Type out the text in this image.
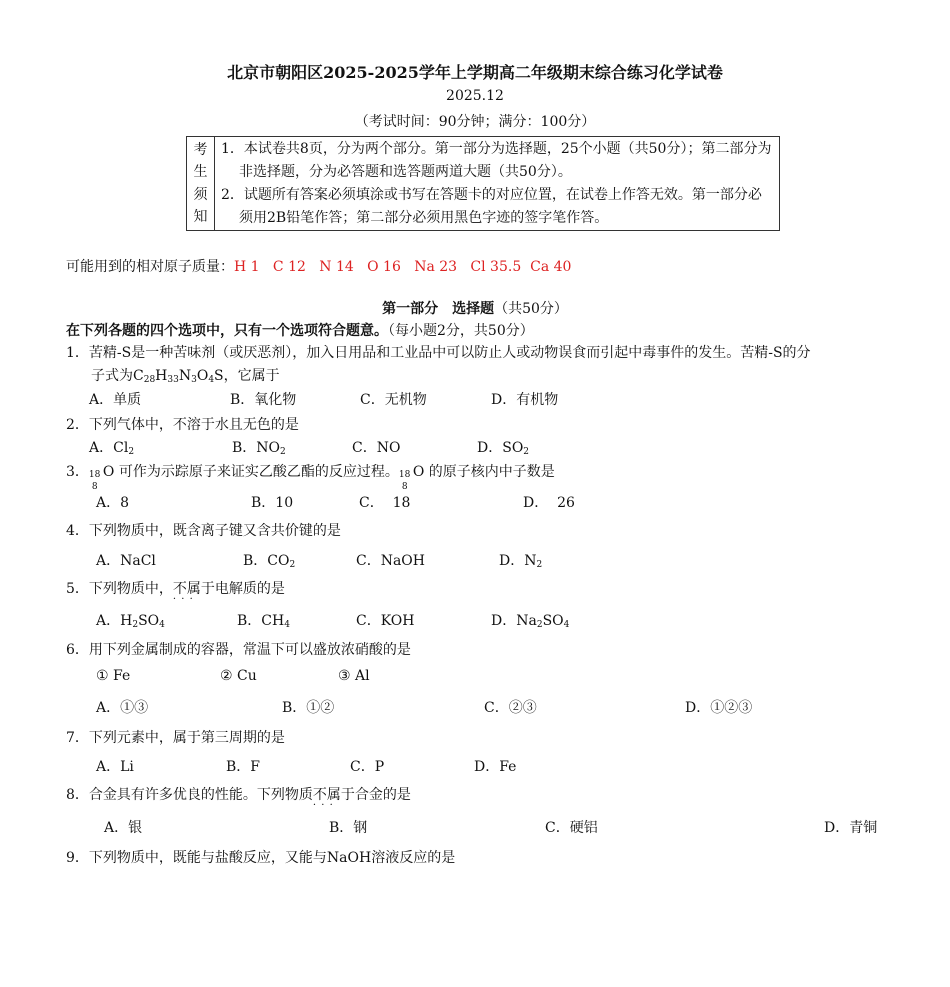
北京市朝阳区2025-2025学年上学期高二年级期末综合练习化学试卷
2025.12
（考试时间：90分钟；满分：100分）
考
生
须
知
1．本试卷共8页，分为两个部分。第一部分为选择题，25个小题（共50分）；第二部分为非选择题，分为必答题和选答题两道大题（共50分）。
2．试题所有答案必须填涂或书写在答题卡的对应位置，在试卷上作答无效。第一部分必须用2B铅笔作答；第二部分必须用黑色字迹的签字笔作答。
可能用到的相对原子质量：H 1   C 12   N 14   O 16   Na 23   Cl 35.5  Ca 40
第一部分　选择题（共50分）
在下列各题的四个选项中，只有一个选项符合题意。（每小题2分，共50分）
1．苦精-S是一种苦味剂（或厌恶剂），加入日用品和工业品中可以防止人或动物误食而引起中毒事件的发生。苦精-S的分
子式为$C_{28}H_{33}N_3O_4S$，它属于
A．单质	B．氧化物	C．无机物	D．有机物
2．下列气体中，不溶于水且无色的是
A．$Cl_2$	B．$NO_2$	C．NO	D．$SO_2$
3． 18
8
O 可作为示踪原子来证实乙酸乙酯的反应过程。 18
8
O 的原子核内中子数是
A．8	B．10	C．  18	D．  26
4．下列物质中，既含离子键又含共价键的是
A．NaCl	B．$CO_2$	C．NaOH	D．$N_2$
5．下列物质中，不属于 · · ·电解质的是
A．$H_2SO_4$	B．$CH_4$	C．KOH	D．$Na_2SO_4$
6．用下列金属制成的容器，常温下可以盛放浓硝酸的是
① Fe	② Cu	③ Al
A．①③	B．①②	C．②③	D．①②③
7．下列元素中，属于第三周期的是
A．Li	B．F	C．P	D．Fe
8．合金具有许多优良的性能。下列物质不属于 · · ·合金的是
A．银	B．钢	C．硬铝	D．青铜
9．下列物质中，既能与盐酸反应，又能与NaOH溶液反应的是
